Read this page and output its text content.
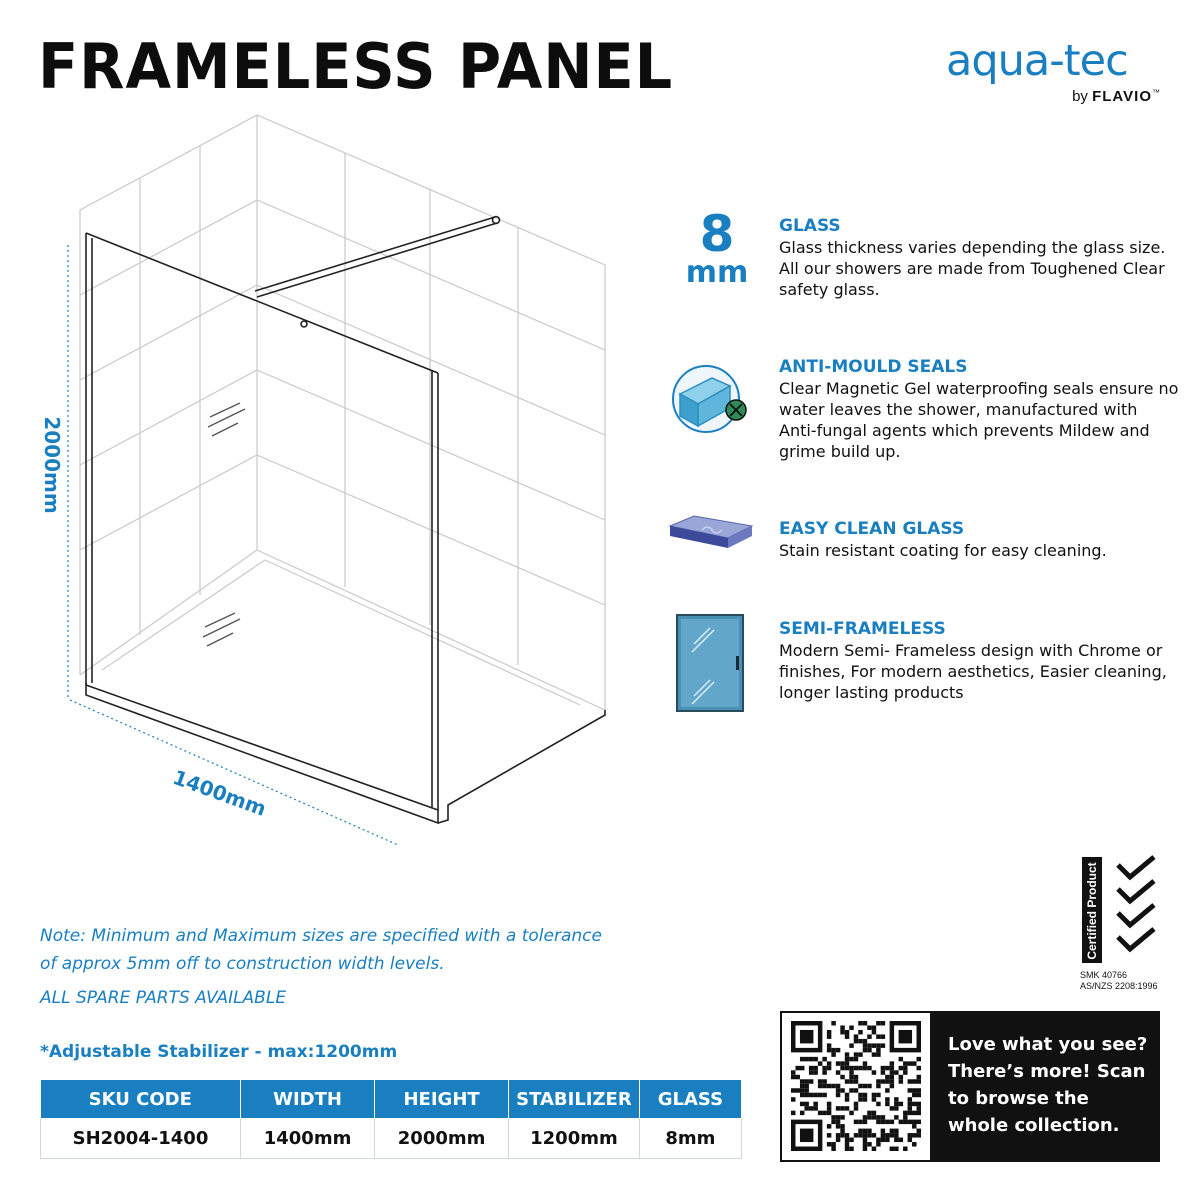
FRAMELESS PANEL	aqua-tec
by FLAVIO™
2000mm
1400mm
8
mm
GLASS
Glass thickness varies depending the glass size. All our showers are made from Toughened Clear safety glass.
ANTI-MOULD SEALS
Clear Magnetic Gel waterproofing seals ensure no water leaves the shower, manufactured with Anti-fungal agents which prevents Mildew and grime build up.
EASY CLEAN GLASS
Stain resistant coating for easy cleaning.
SEMI-FRAMELESS
Modern Semi- Frameless design with Chrome or finishes, For modern aesthetics, Easier cleaning, longer lasting products
Certified Product
SMK 40766
AS/NZS 2208:1996
Note: Minimum and Maximum sizes are specified with a tolerance
of approx 5mm off to construction width levels.
ALL SPARE PARTS AVAILABLE
*Adjustable Stabilizer - max:1200mm
SKU CODE	WIDTH	HEIGHT	STABILIZER	GLASS
SH2004-1400	1400mm	2000mm	1200mm	8mm
Love what you see?
There’s more! Scan
to browse the
whole collection.
